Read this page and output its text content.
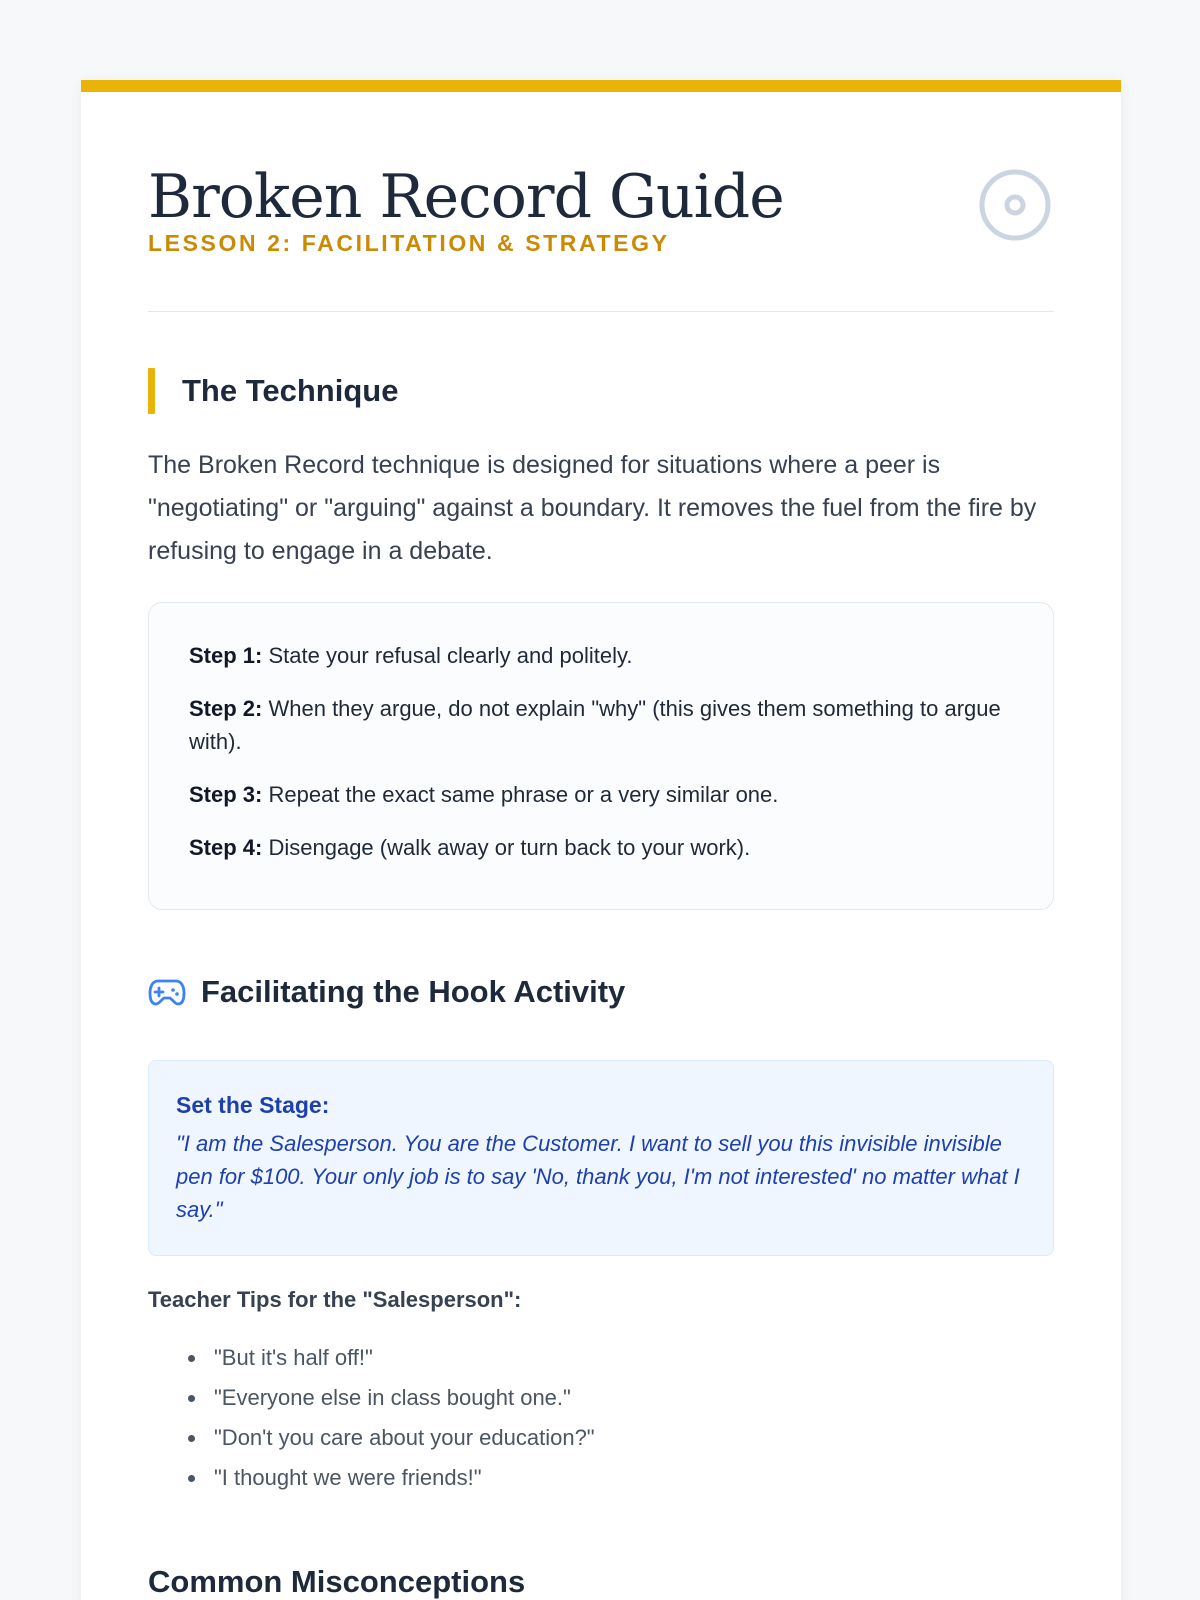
Broken Record Guide
LESSON 2: FACILITATION & STRATEGY
The Technique

The Broken Record technique is designed for situations where a peer is "negotiating" or "arguing" against a boundary. It removes the fuel from the fire by refusing to engage in a debate.

Step 1: State your refusal clearly and politely.
Step 2: When they argue, do not explain "why" (this gives them something to argue with).
Step 3: Repeat the exact same phrase or a very similar one.
Step 4: Disengage (walk away or turn back to your work).
Facilitating the Hook Activity
Set the Stage:
"I am the Salesperson. You are the Customer. I want to sell you this invisible invisible pen for $100. Your only job is to say 'No, thank you, I'm not interested' no matter what I say."
Teacher Tips for the "Salesperson":
"But it's half off!"
"Everyone else in class bought one."
"Don't you care about your education?"
"I thought we were friends!"
Common Misconceptions
